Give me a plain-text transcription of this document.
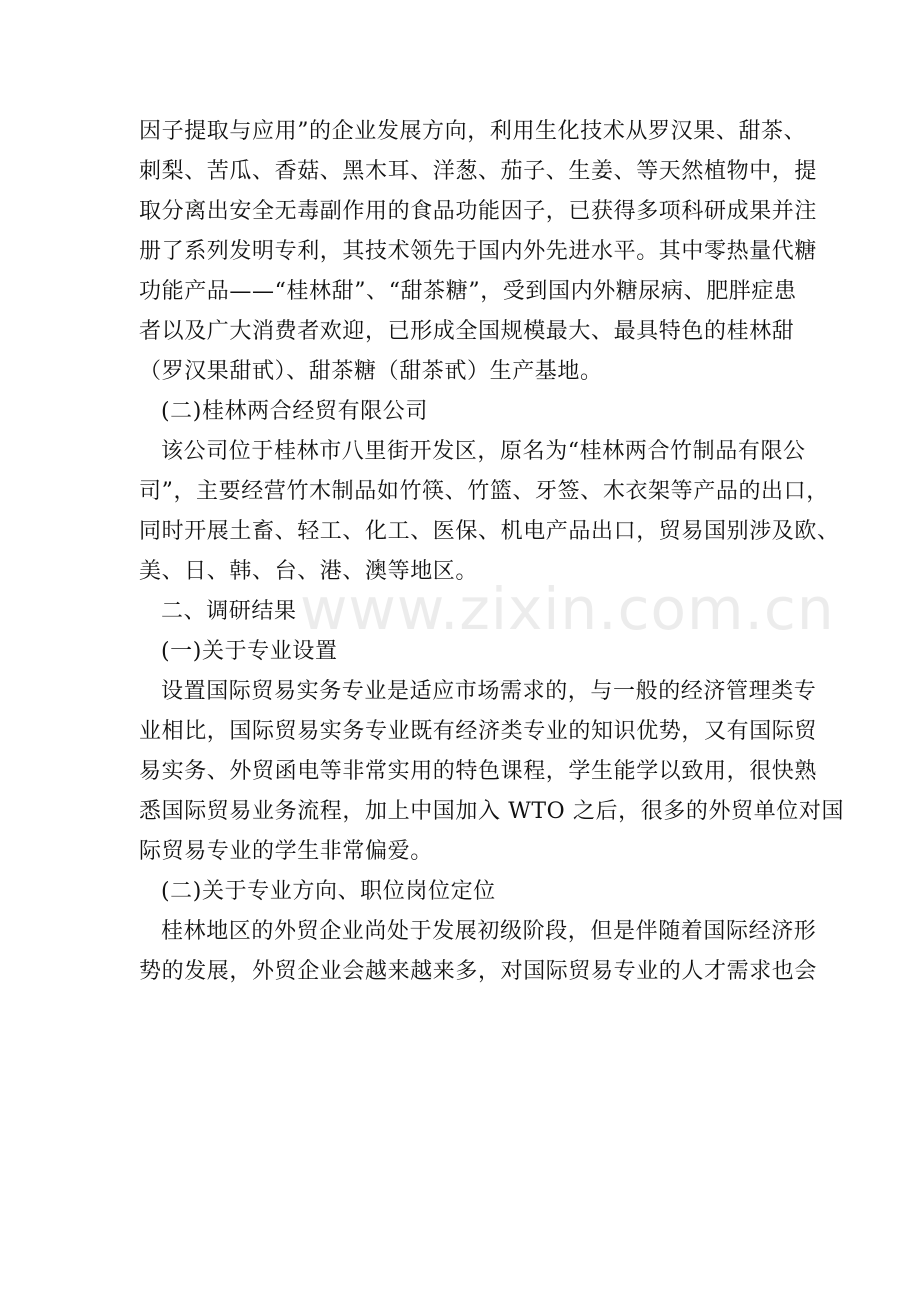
因子提取与应用”的企业发展方向，利用生化技术从罗汉果、甜茶、
刺梨、苦瓜、香菇、黑木耳、洋葱、茄子、生姜、等天然植物中，提
取分离出安全无毒副作用的食品功能因子，已获得多项科研成果并注
册了系列发明专利，其技术领先于国内外先进水平。其中零热量代糖
功能产品——“桂林甜”、“甜茶糖”，受到国内外糖尿病、肥胖症患
者以及广大消费者欢迎，已形成全国规模最大、最具特色的桂林甜
（罗汉果甜甙）、甜茶糖（甜茶甙）生产基地。
(二)桂林两合经贸有限公司
该公司位于桂林市八里街开发区，原名为“桂林两合竹制品有限公
司”，主要经营竹木制品如竹筷、竹篮、牙签、木衣架等产品的出口，
同时开展土畜、轻工、化工、医保、机电产品出口，贸易国别涉及欧、
美、日、韩、台、港、澳等地区。
二、调研结果
(一)关于专业设置
设置国际贸易实务专业是适应市场需求的，与一般的经济管理类专
业相比，国际贸易实务专业既有经济类专业的知识优势，又有国际贸
易实务、外贸函电等非常实用的特色课程，学生能学以致用，很快熟
悉国际贸易业务流程，加上中国加入 WTO 之后，很多的外贸单位对国
际贸易专业的学生非常偏爱。
(二)关于专业方向、职位岗位定位
桂林地区的外贸企业尚处于发展初级阶段，但是伴随着国际经济形
势的发展，外贸企业会越来越来多，对国际贸易专业的人才需求也会
www.zixin.com.cn
